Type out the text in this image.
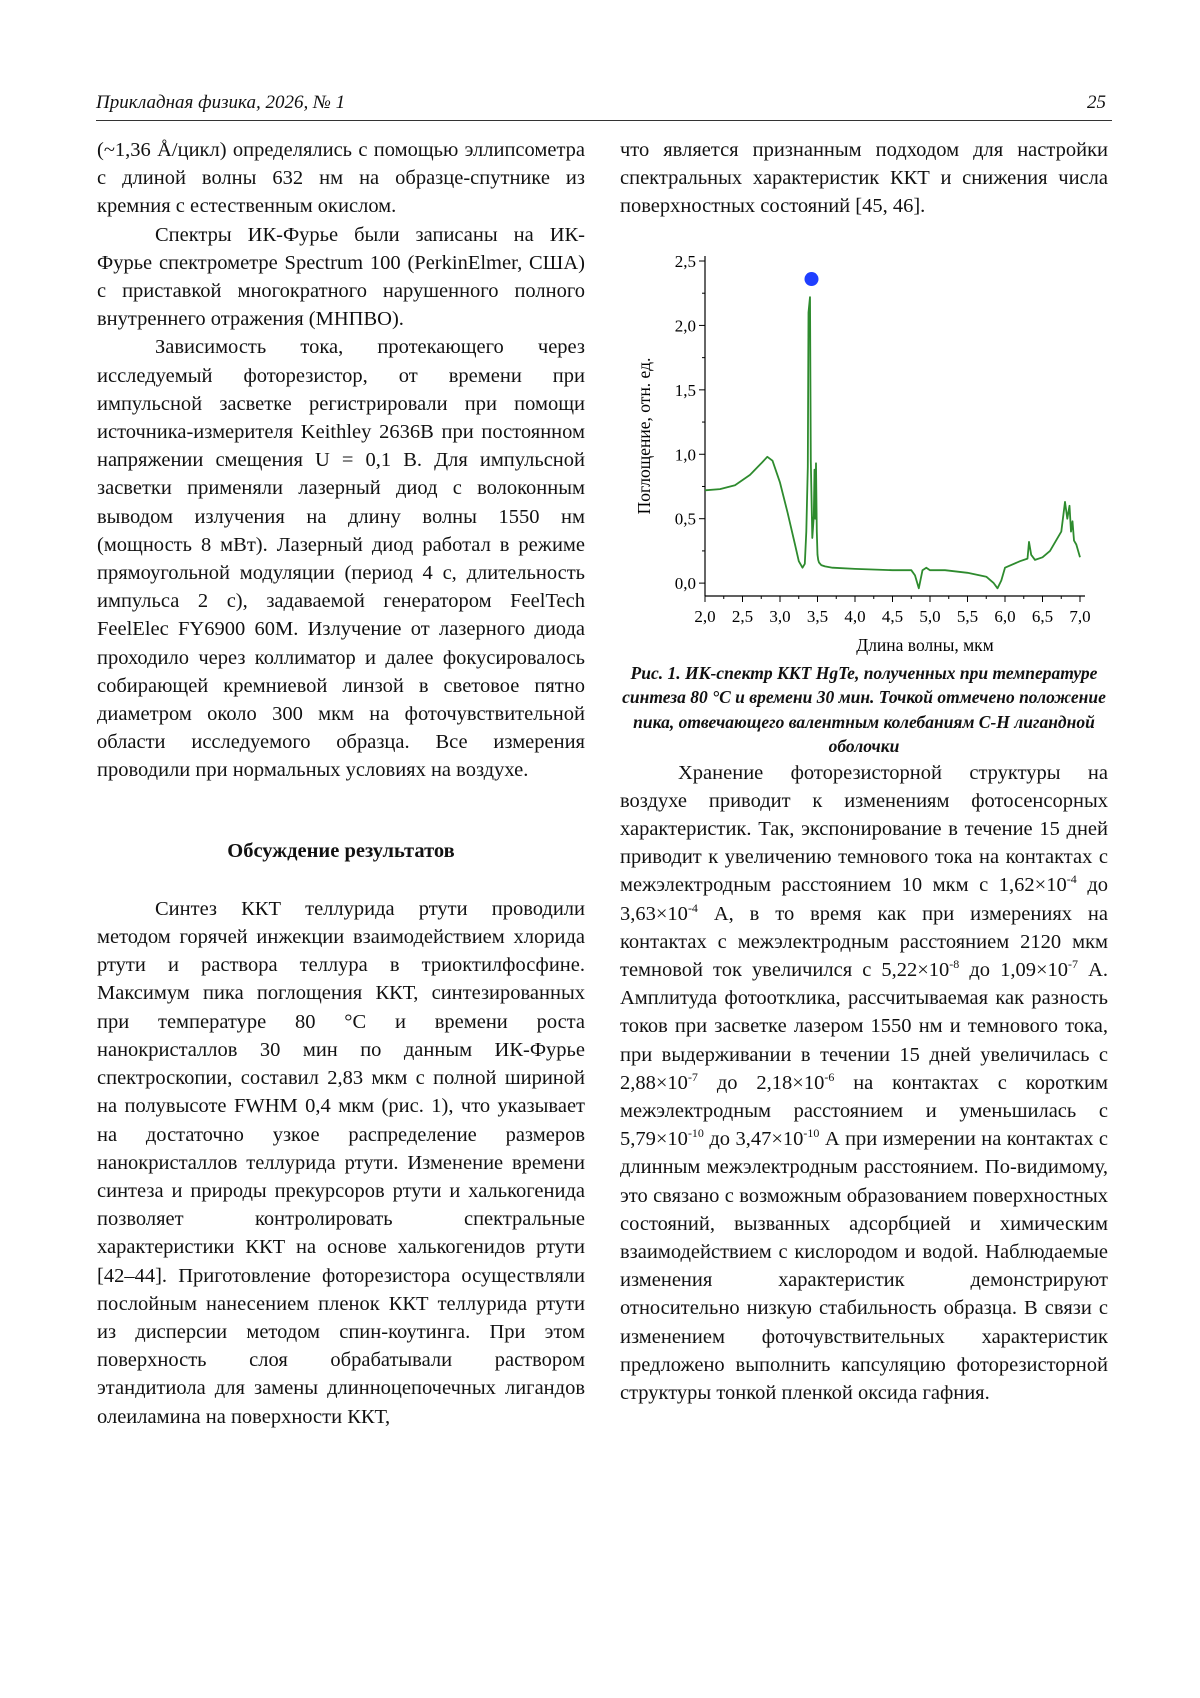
Прикладная физика, 2026, № 1	25

(~1,36 Å/цикл) определялись с помощью эллипсометра с длиной волны 632 нм на образце-спутнике из кремния с естественным окислом.

Спектры ИК-Фурье были записаны на ИК-Фурье спектрометре Spectrum 100 (PerkinElmer, США) с приставкой многократного нарушенного полного внутреннего отражения (МНПВО).

Зависимость тока, протекающего через исследуемый фоторезистор, от времени при импульсной засветке регистрировали при помощи источника-измерителя Keithley 2636B при постоянном напряжении смещения U = 0,1 В. Для импульсной засветки применяли лазерный диод с волоконным выводом излучения на длину волны 1550 нм (мощность 8 мВт). Лазерный диод работал в режиме прямоугольной модуляции (период 4 с, длительность импульса 2 с), задаваемой генератором FeelTech FeelElec FY6900 60M. Излучение от лазерного диода проходило через коллиматор и далее фокусировалось собирающей кремниевой линзой в световое пятно диаметром около 300 мкм на фоточувствительной области исследуемого образца. Все измерения проводили при нормальных условиях на воздухе.

Обсуждение результатов

Синтез ККТ теллурида ртути проводили методом горячей инжекции взаимодействием хлорида ртути и раствора теллура в триоктилфосфине. Максимум пика поглощения ККТ, синтезированных при температуре 80 °C и времени роста нанокристаллов 30 мин по данным ИК-Фурье спектроскопии, составил 2,83 мкм с полной шириной на полувысоте FWHM 0,4 мкм (рис. 1), что указывает на достаточно узкое распределение размеров нанокристаллов теллурида ртути. Изменение времени синтеза и природы прекурсоров ртути и халькогенида позволяет контролировать спектральные характеристики ККТ на основе халькогенидов ртути [42–44]. Приготовление фоторезистора осуществляли послойным нанесением пленок ККТ теллурида ртути из дисперсии методом спин-коутинга. При этом поверхность слоя обрабатывали раствором этандитиола для замены длинноцепочечных лигандов олеиламина на поверхности ККТ,

что является признанным подходом для настройки спектральных характеристик ККТ и снижения числа поверхностных состояний [45, 46].

2,0 2,5 3,0 3,5 4,0 4,5 5,0 5,5 6,0 6,5 7,0
0,0
0,5
1,0
1,5
2,0
2,5
Длина волны, мкм
Поглощение, отн. ед.

Рис. 1. ИК-спектр ККТ HgTe, полученных при температуре синтеза 80 °C и времени 30 мин. Точкой отмечено положение пика, отвечающего валентным колебаниям С-Н лигандной оболочки

Хранение фоторезисторной структуры на воздухе приводит к изменениям фотосенсорных характеристик. Так, экспонирование в течение 15 дней приводит к увеличению темнового тока на контактах с межэлектродным расстоянием 10 мкм с $1,62\times 10^{-4}$ до $3,63\times 10^{-4}$ А, в то время как при измерениях на контактах с межэлектродным расстоянием 2120 мкм темновой ток увеличился с $5,22\times 10^{-8}$ до $1,09\times 10^{-7}$ А. Амплитуда фотоотклика, рассчитываемая как разность токов при засветке лазером 1550 нм и темнового тока, при выдерживании в течении 15 дней увеличилась с $2,88\times 10^{-7}$ до $2,18\times 10^{-6}$ на контактах с коротким межэлектродным расстоянием и уменьшилась с $5,79\times 10^{-10}$ до $3,47\times 10^{-10}$ А при измерении на контактах с длинным межэлектродным расстоянием. По-видимому, это связано с возможным образованием поверхностных состояний, вызванных адсорбцией и химическим взаимодействием с кислородом и водой. Наблюдаемые изменения характеристик демонстрируют относительно низкую стабильность образца. В связи с изменением фоточувствительных характеристик предложено выполнить капсуляцию фоторезисторной структуры тонкой пленкой оксида гафния.
